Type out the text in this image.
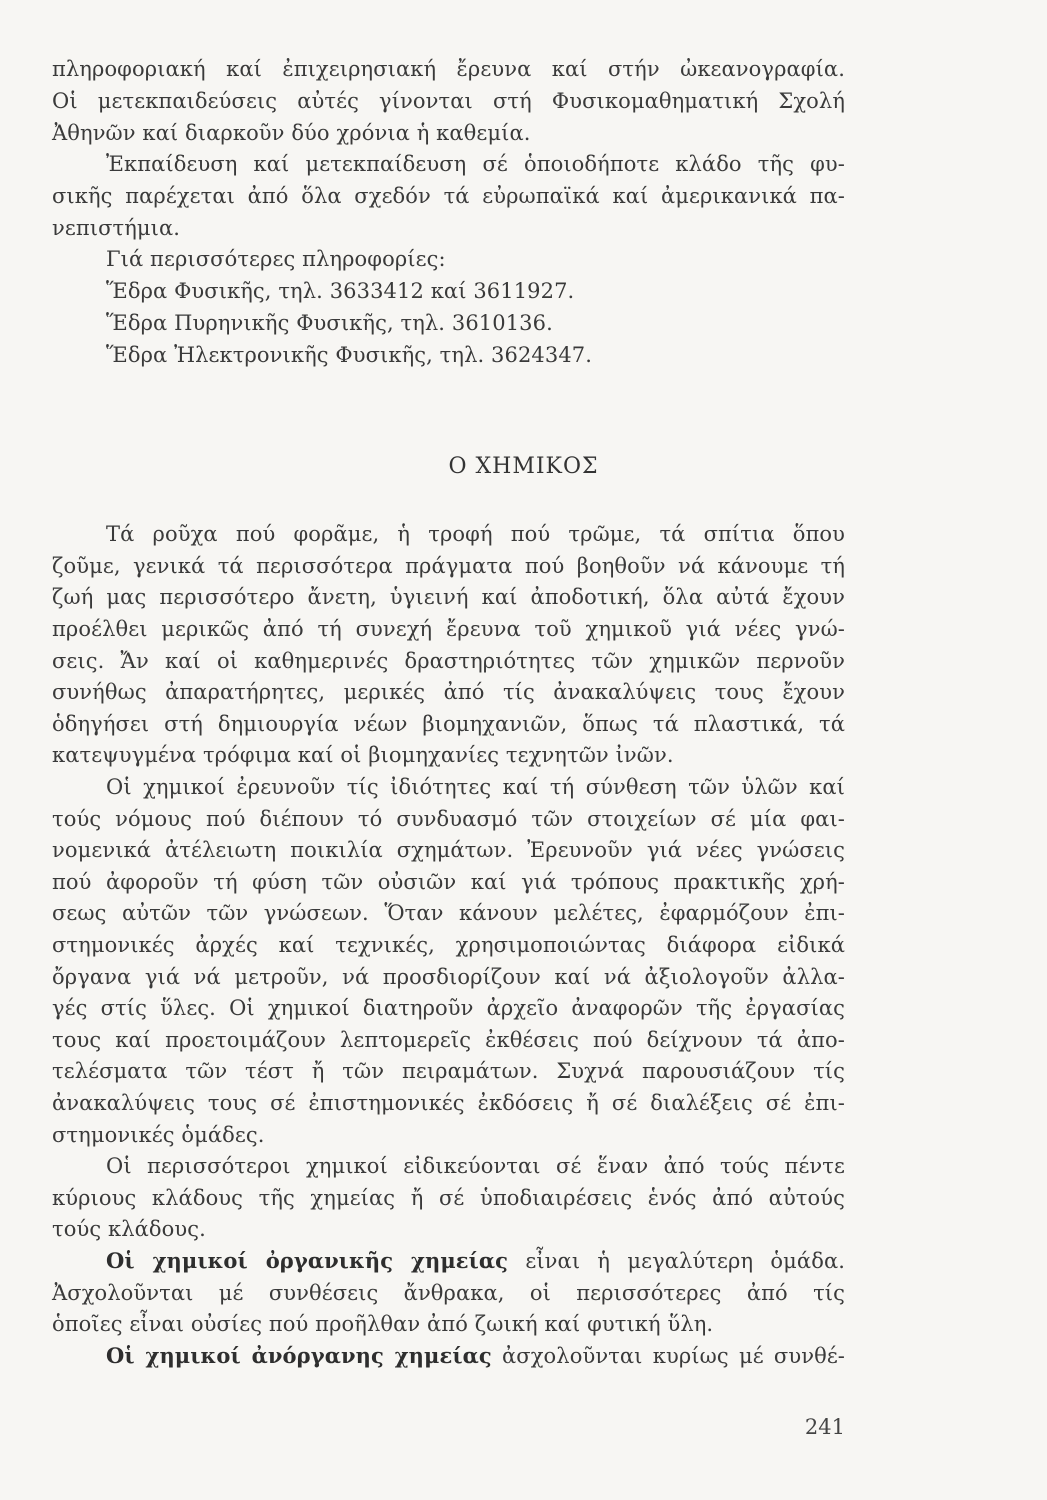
πληροφοριακή καί ἐπιχειρησιακή ἔρευνα καί στήν ὠκεανογραφία.
Οἱ μετεκπαιδεύσεις αὐτές γίνονται στή Φυσικομαθηματική Σχολή
Ἀθηνῶν καί διαρκοῦν δύο χρόνια ἡ καθεμία.
Ἐκπαίδευση καί μετεκπαίδευση σέ ὁποιοδήποτε κλάδο τῆς φυ-
σικῆς παρέχεται ἀπό ὅλα σχεδόν τά εὐρωπαϊκά καί ἀμερικανικά πα-
νεπιστήμια.
Γιά περισσότερες πληροφορίες:
Ἕδρα Φυσικῆς, τηλ. 3633412 καί 3611927.
Ἕδρα Πυρηνικῆς Φυσικῆς, τηλ. 3610136.
Ἕδρα Ἠλεκτρονικῆς Φυσικῆς, τηλ. 3624347.
Ο ΧΗΜΙΚΟΣ
Τά ροῦχα πού φορᾶμε, ἡ τροφή πού τρῶμε, τά σπίτια ὅπου
ζοῦμε, γενικά τά περισσότερα πράγματα πού βοηθοῦν νά κάνουμε τή
ζωή μας περισσότερο ἄνετη, ὑγιεινή καί ἀποδοτική, ὅλα αὐτά ἔχουν
προέλθει μερικῶς ἀπό τή συνεχή ἔρευνα τοῦ χημικοῦ γιά νέες γνώ-
σεις. Ἄν καί οἱ καθημερινές δραστηριότητες τῶν χημικῶν περνοῦν
συνήθως ἀπαρατήρητες, μερικές ἀπό τίς ἀνακαλύψεις τους ἔχουν
ὁδηγήσει στή δημιουργία νέων βιομηχανιῶν, ὅπως τά πλαστικά, τά
κατεψυγμένα τρόφιμα καί οἱ βιομηχανίες τεχνητῶν ἰνῶν.
Οἱ χημικοί ἐρευνοῦν τίς ἰδιότητες καί τή σύνθεση τῶν ὑλῶν καί
τούς νόμους πού διέπουν τό συνδυασμό τῶν στοιχείων σέ μία φαι-
νομενικά ἀτέλειωτη ποικιλία σχημάτων. Ἐρευνοῦν γιά νέες γνώσεις
πού ἀφοροῦν τή φύση τῶν οὐσιῶν καί γιά τρόπους πρακτικῆς χρή-
σεως αὐτῶν τῶν γνώσεων. Ὅταν κάνουν μελέτες, ἐφαρμόζουν ἐπι-
στημονικές ἀρχές καί τεχνικές, χρησιμοποιώντας διάφορα εἰδικά
ὄργανα γιά νά μετροῦν, νά προσδιορίζουν καί νά ἀξιολογοῦν ἀλλα-
γές στίς ὕλες. Οἱ χημικοί διατηροῦν ἀρχεῖο ἀναφορῶν τῆς ἐργασίας
τους καί προετοιμάζουν λεπτομερεῖς ἐκθέσεις πού δείχνουν τά ἀπο-
τελέσματα τῶν τέστ ἤ τῶν πειραμάτων. Συχνά παρουσιάζουν τίς
ἀνακαλύψεις τους σέ ἐπιστημονικές ἐκδόσεις ἤ σέ διαλέξεις σέ ἐπι-
στημονικές ὁμάδες.
Οἱ περισσότεροι χημικοί εἰδικεύονται σέ ἕναν ἀπό τούς πέντε
κύριους κλάδους τῆς χημείας ἤ σέ ὑποδιαιρέσεις ἑνός ἀπό αὐτούς
τούς κλάδους.
Οἱ χημικοί ὀργανικῆς χημείας εἶναι ἡ μεγαλύτερη ὁμάδα.
Ἀσχολοῦνται μέ συνθέσεις ἄνθρακα, οἱ περισσότερες ἀπό τίς
ὁποῖες εἶναι οὐσίες πού προῆλθαν ἀπό ζωική καί φυτική ὕλη.
Οἱ χημικοί ἀνόργανης χημείας ἀσχολοῦνται κυρίως μέ συνθέ-
241
